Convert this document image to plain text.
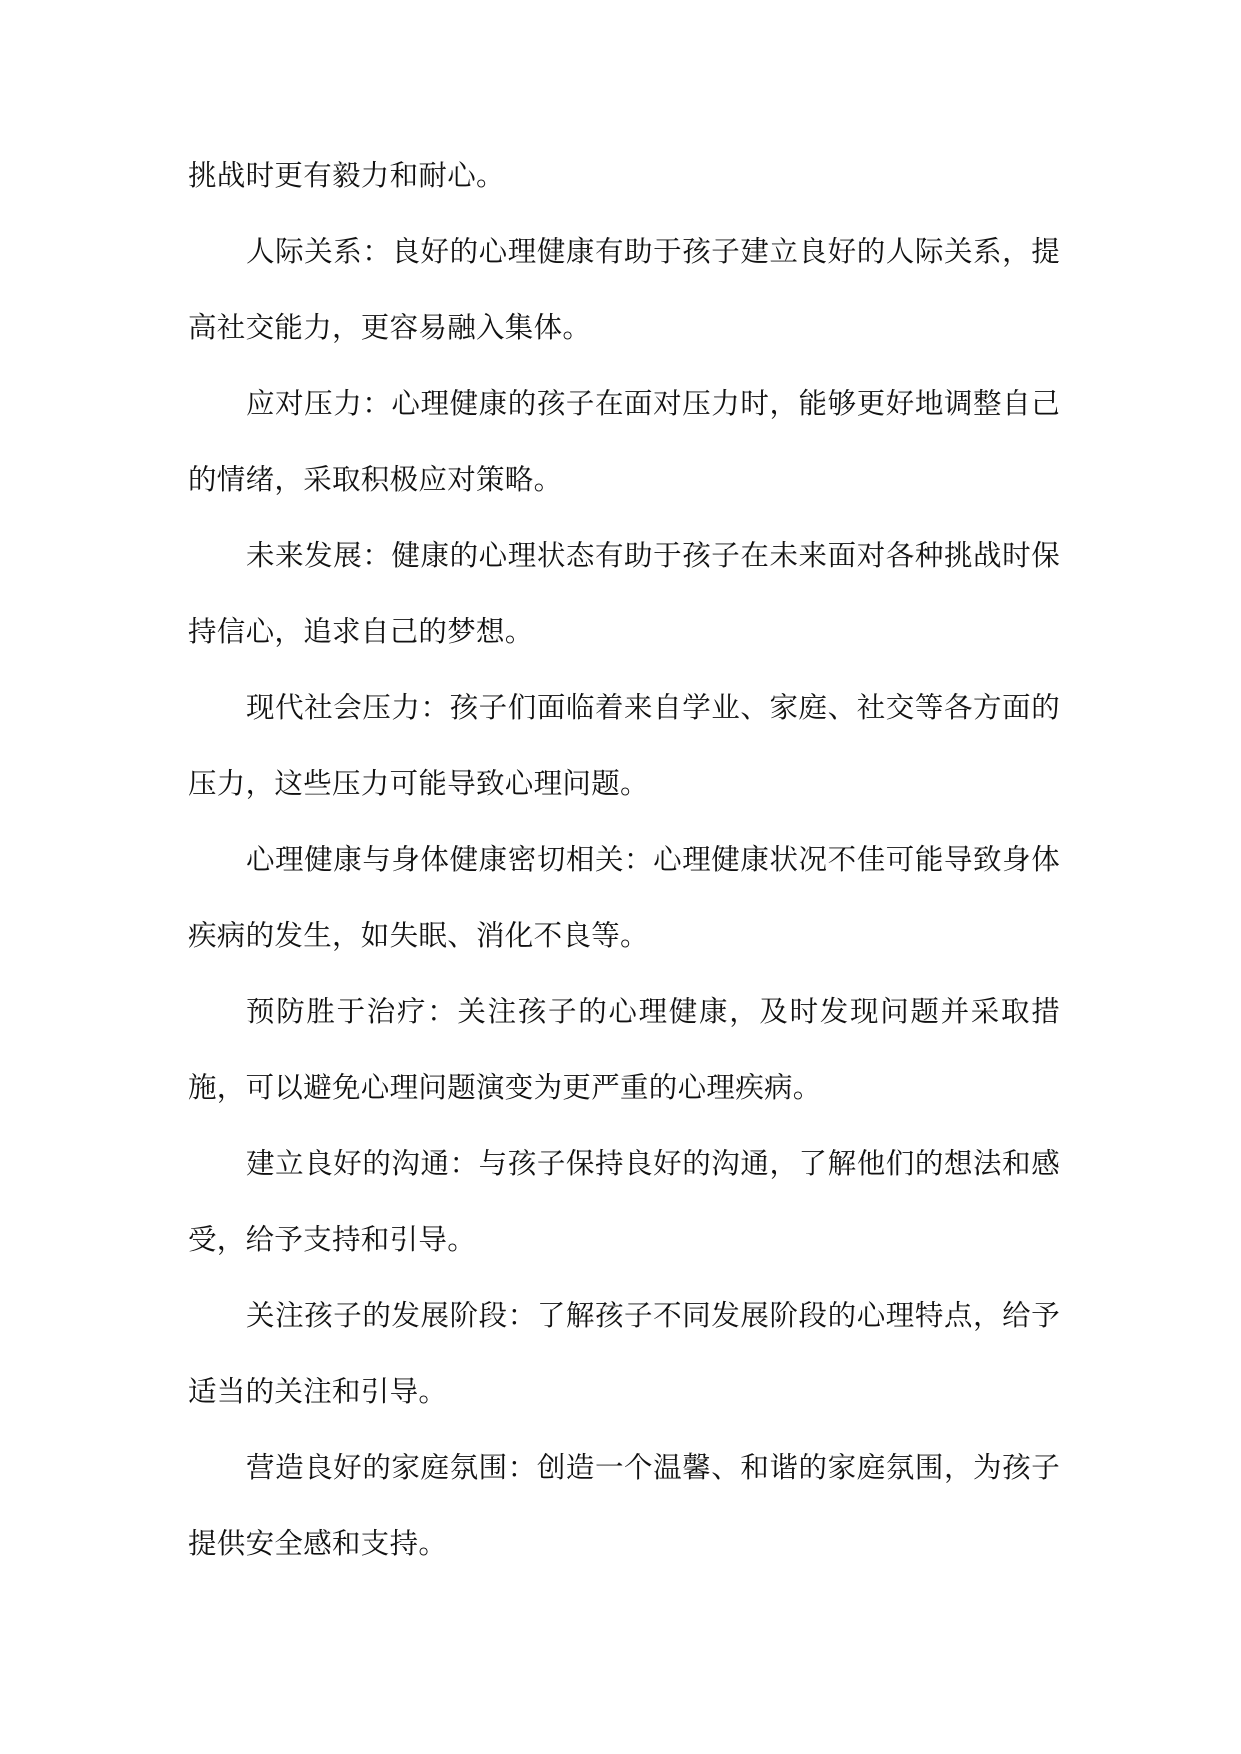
挑战时更有毅力和耐心。

人际关系：良好的心理健康有助于孩子建立良好的人际关系，提高社交能力，更容易融入集体。

应对压力：心理健康的孩子在面对压力时，能够更好地调整自己的情绪，采取积极应对策略。

未来发展：健康的心理状态有助于孩子在未来面对各种挑战时保持信心，追求自己的梦想。

现代社会压力：孩子们面临着来自学业、家庭、社交等各方面的压力，这些压力可能导致心理问题。

心理健康与身体健康密切相关：心理健康状况不佳可能导致身体疾病的发生，如失眠、消化不良等。

预防胜于治疗：关注孩子的心理健康，及时发现问题并采取措施，可以避免心理问题演变为更严重的心理疾病。

建立良好的沟通：与孩子保持良好的沟通，了解他们的想法和感受，给予支持和引导。

关注孩子的发展阶段：了解孩子不同发展阶段的心理特点，给予适当的关注和引导。

营造良好的家庭氛围：创造一个温馨、和谐的家庭氛围，为孩子提供安全感和支持。
